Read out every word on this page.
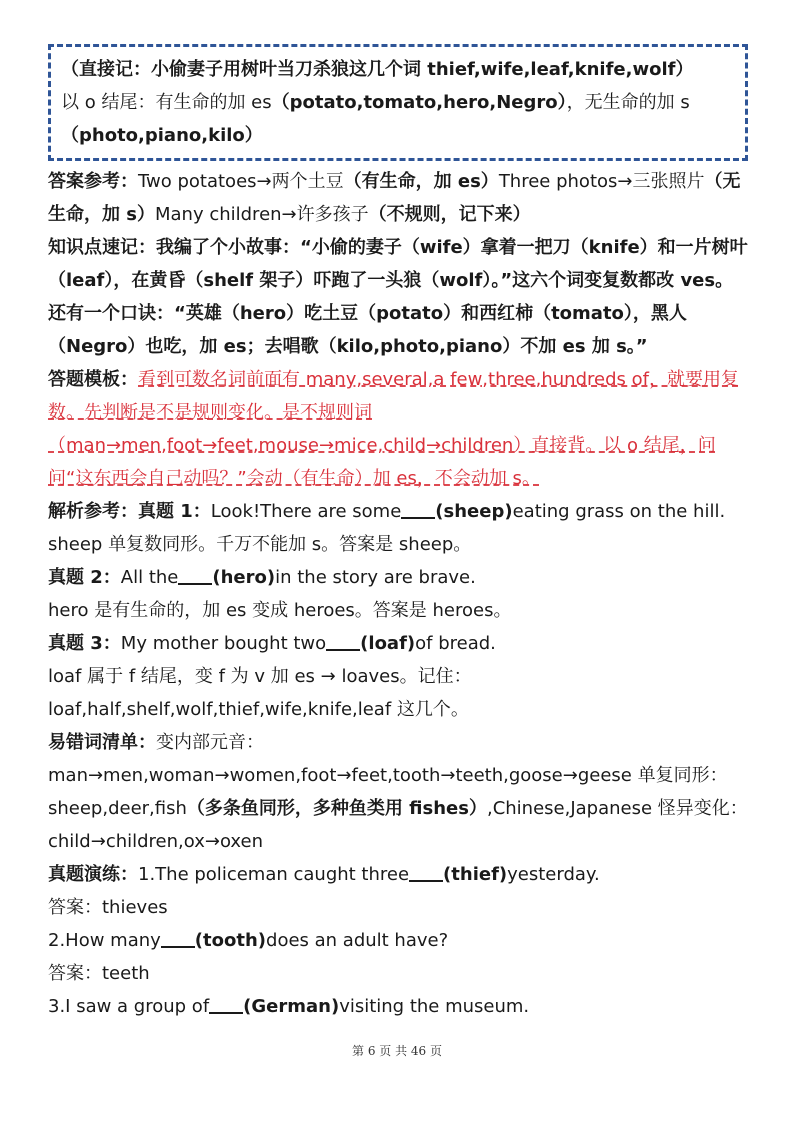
（直接记：小偷妻子用树叶当刀杀狼这几个词 thief,wife,leaf,knife,wolf）
以 o 结尾：有生命的加 es（potato,tomato,hero,Negro），无生命的加 s
（photo,piano,kilo）

答案参考：Two potatoes→两个土豆（有生命，加 es）Three photos→三张照片（无生命，加 s）Many children→许多孩子（不规则，记下来）

知识点速记：我编了个小故事：“小偷的妻子（wife）拿着一把刀（knife）和一片树叶（leaf），在黄昏（shelf 架子）吓跑了一头狼（wolf）。”这六个词变复数都改 ves。还有一个口诀：“英雄（hero）吃土豆（potato）和西红柿（tomato），黑人（Negro）也吃，加 es；去唱歌（kilo,photo,piano）不加 es 加 s。”

答题模板：看到可数名词前面有 many,several,a few,three,hundreds of，就要用复数。先判断是不是规则变化。是不规则词（man→men,foot→feet,mouse→mice,child→children）直接背。以 o 结尾，问问“这东西会自己动吗？”会动（有生命）加 es，不会动加 s。

解析参考：真题 1：Look!There are some (sheep)eating grass on the hill.

sheep 单复数同形。千万不能加 s。答案是 sheep。

真题 2：All the (hero)in the story are brave.

hero 是有生命的，加 es 变成 heroes。答案是 heroes。

真题 3：My mother bought two (loaf)of bread.

loaf 属于 f 结尾，变 f 为 v 加 es → loaves。记住：loaf,half,shelf,wolf,thief,wife,knife,leaf 这几个。

易错词清单：变内部元音：man→men,woman→women,foot→feet,tooth→teeth,goose→geese 单复同形：sheep,deer,fish（多条鱼同形，多种鱼类用 fishes）,Chinese,Japanese 怪异变化：child→children,ox→oxen

真题演练：1.The policeman caught three (thief)yesterday.

答案：thieves

2.How many (tooth)does an adult have?

答案：teeth

3.I saw a group of (German)visiting the museum.

第 6 页 共 46 页
